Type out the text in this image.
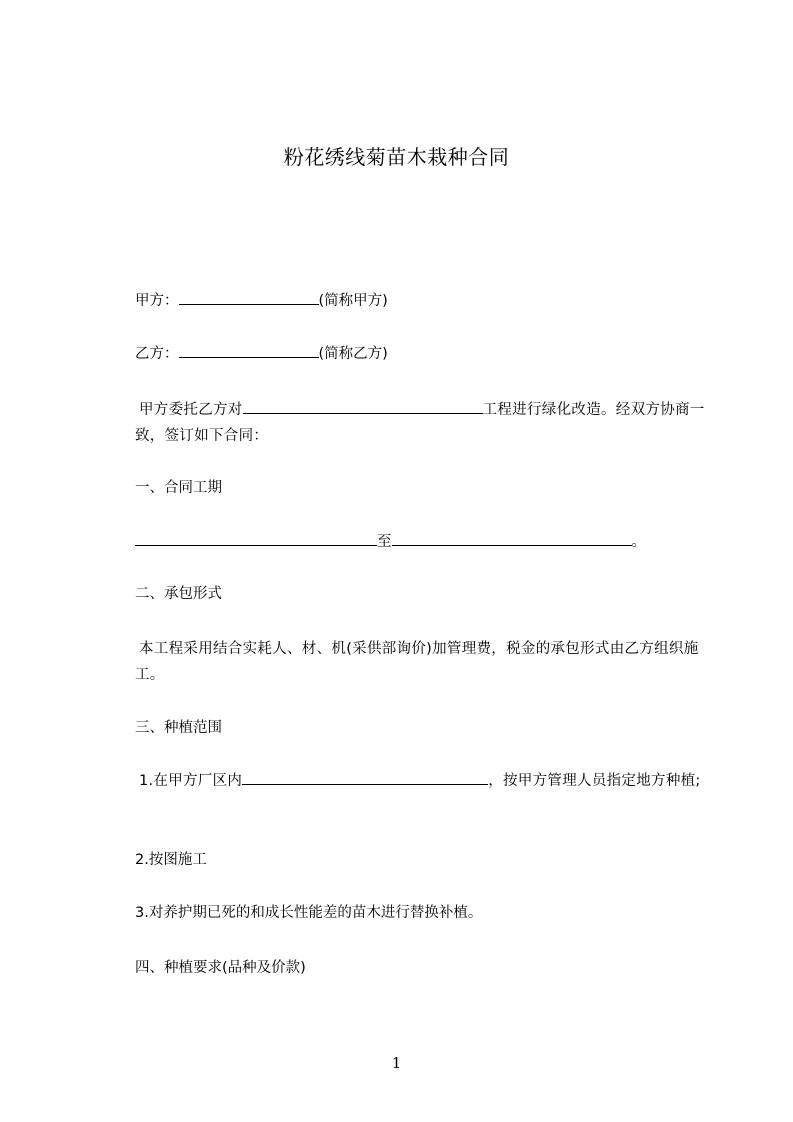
粉花绣线菊苗木栽种合同
甲方：	(简称甲方)
乙方：	(简称乙方)
甲方委托乙方对	工程进行绿化改造。经双方协商一致，签订如下合同：
一、合同工期
至	。
二、承包形式
本工程采用结合实耗人、材、机(采供部询价)加管理费，税金的承包形式由乙方组织施工。
三、种植范围
1.在甲方厂区内	，按甲方管理人员指定地方种植;
2.按图施工
3.对养护期已死的和成长性能差的苗木进行替换补植。
四、种植要求(品种及价款)
1
